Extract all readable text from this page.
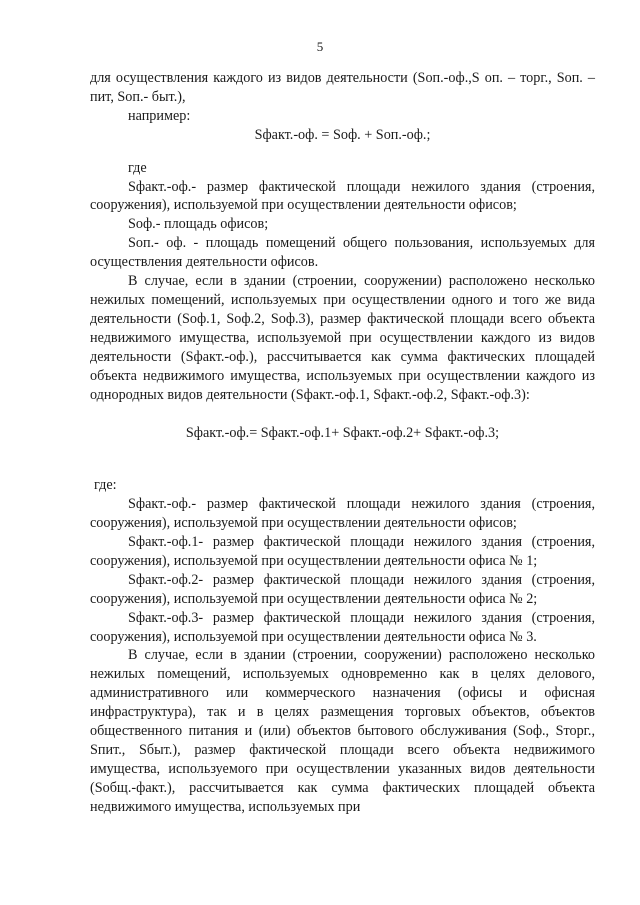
5

для осуществления каждого из видов деятельности (Sоп.-оф.,S оп. – торг., Sоп. – пит, Sоп.- быт.),

например:

Sфакт.-оф. = Sоф. + Sоп.-оф.;

где

Sфакт.-оф.- размер фактической площади нежилого здания (строения, сооружения), используемой при осуществлении деятельности офисов;

Sоф.- площадь офисов;

Sоп.- оф. - площадь помещений общего пользования, используемых для осуществления деятельности офисов.

В случае, если в здании (строении, сооружении) расположено несколько нежилых помещений, используемых при осуществлении одного и того же вида деятельности (Sоф.1, Sоф.2, Sоф.3), размер фактической площади всего объекта недвижимого имущества, используемой при осуществлении каждого из видов деятельности (Sфакт.-оф.), рассчитывается как сумма фактических площадей объекта недвижимого имущества, используемых при осуществлении каждого из однородных видов деятельности (Sфакт.-оф.1, Sфакт.-оф.2, Sфакт.-оф.3):

Sфакт.-оф.= Sфакт.-оф.1+ Sфакт.-оф.2+ Sфакт.-оф.3;

где:

Sфакт.-оф.- размер фактической площади нежилого здания (строения, сооружения), используемой при осуществлении деятельности офисов;

Sфакт.-оф.1- размер фактической площади нежилого здания (строения, сооружения), используемой при осуществлении деятельности офиса № 1;

Sфакт.-оф.2- размер фактической площади нежилого здания (строения, сооружения), используемой при осуществлении деятельности офиса № 2;

Sфакт.-оф.3- размер фактической площади нежилого здания (строения, сооружения), используемой при осуществлении деятельности офиса № 3.

В случае, если в здании (строении, сооружении) расположено несколько нежилых помещений, используемых одновременно как в целях делового, административного или коммерческого назначения (офисы и офисная инфраструктура), так и в целях размещения торговых объектов, объектов общественного питания и (или) объектов бытового обслуживания (Sоф., Sторг., Sпит., Sбыт.), размер фактической площади всего объекта недвижимого имущества, используемого при осуществлении указанных видов деятельности (Sобщ.-факт.), рассчитывается как сумма фактических площадей объекта недвижимого имущества, используемых при
